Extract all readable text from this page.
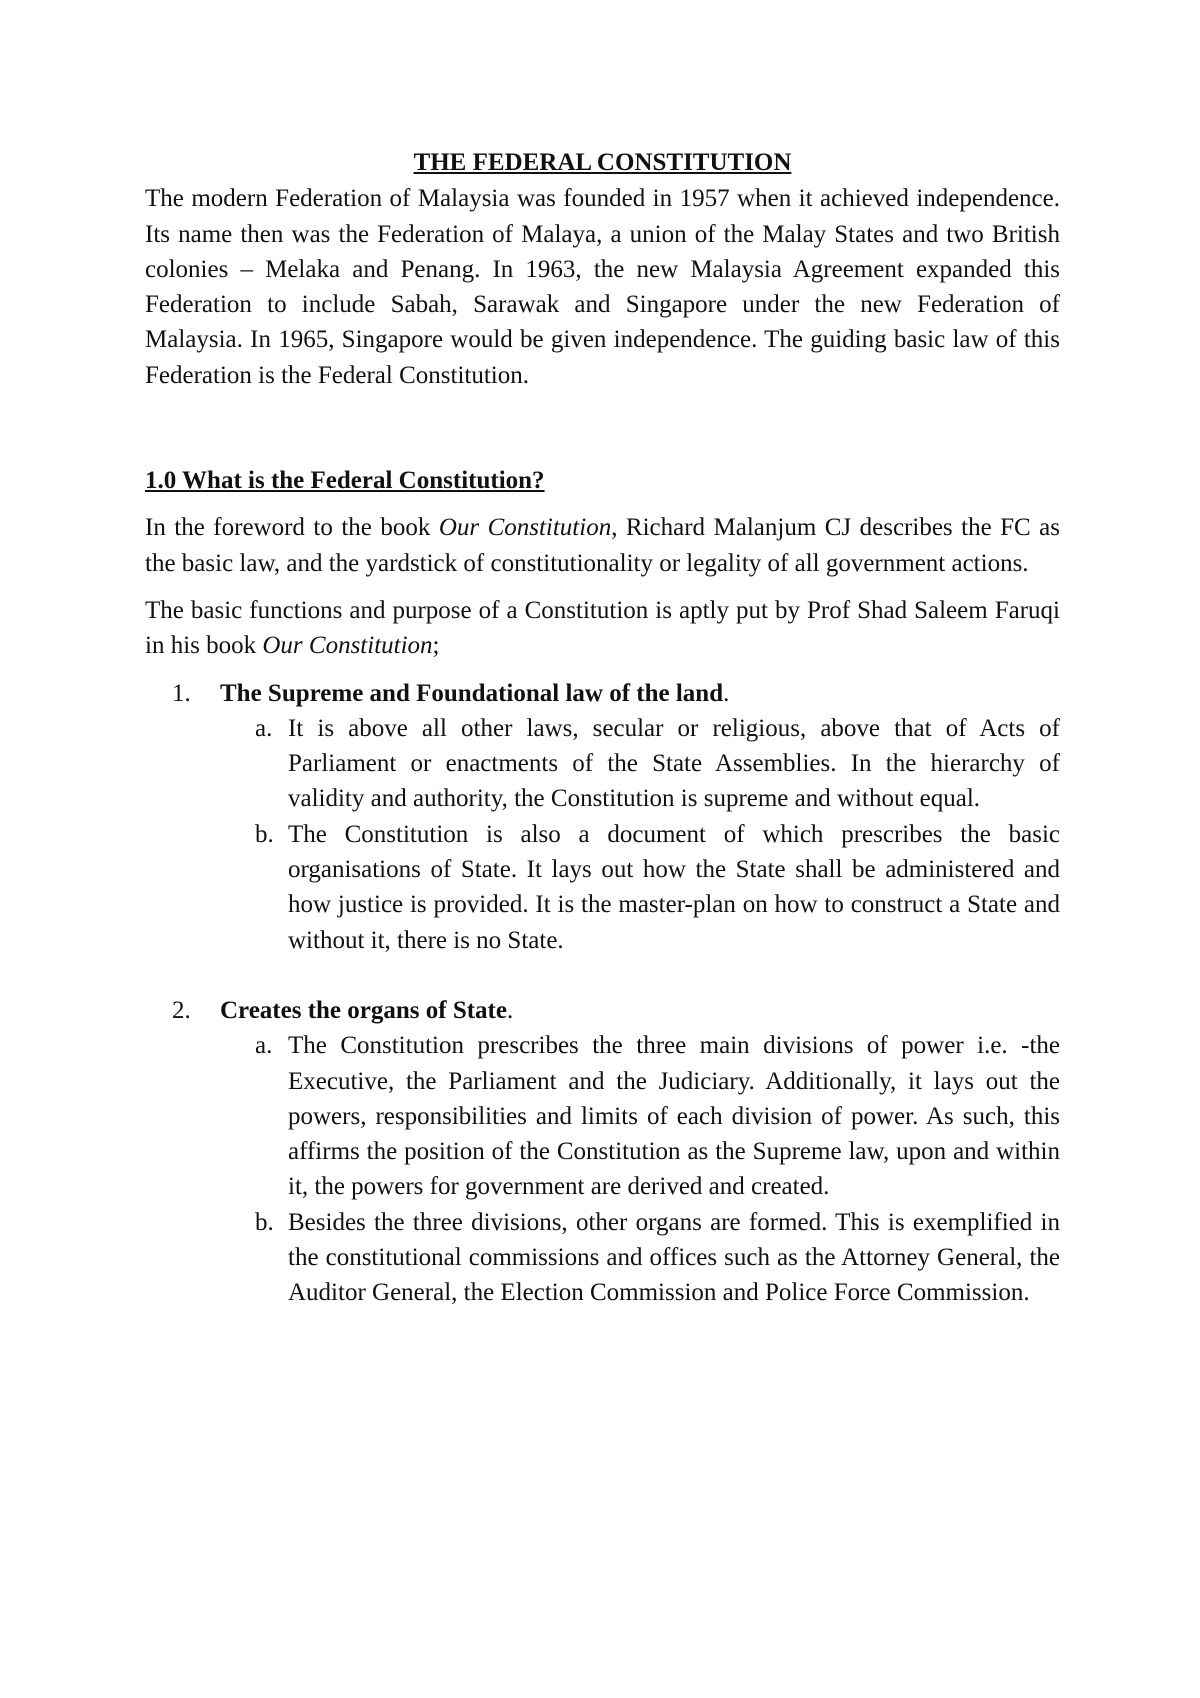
THE FEDERAL CONSTITUTION

The modern Federation of Malaysia was founded in 1957 when it achieved independence. Its name then was the Federation of Malaya, a union of the Malay States and two British colonies – Melaka and Penang. In 1963, the new Malaysia Agreement expanded this Federation to include Sabah, Sarawak and Singapore under the new Federation of Malaysia. In 1965, Singapore would be given independence. The guiding basic law of this Federation is the Federal Constitution.

1.0 What is the Federal Constitution?

In the foreword to the book Our Constitution, Richard Malanjum CJ describes the FC as the basic law, and the yardstick of constitutionality or legality of all government actions.

The basic functions and purpose of a Constitution is aptly put by Prof Shad Saleem Faruqi in his book Our Constitution;

1. The Supreme and Foundational law of the land.
a. It is above all other laws, secular or religious, above that of Acts of Parliament or enactments of the State Assemblies. In the hierarchy of validity and authority, the Constitution is supreme and without equal.
b. The Constitution is also a document of which prescribes the basic organisations of State. It lays out how the State shall be administered and how justice is provided. It is the master-plan on how to construct a State and without it, there is no State.
2. Creates the organs of State.
a. The Constitution prescribes the three main divisions of power i.e. -the Executive, the Parliament and the Judiciary. Additionally, it lays out the powers, responsibilities and limits of each division of power. As such, this affirms the position of the Constitution as the Supreme law, upon and within it, the powers for government are derived and created.
b. Besides the three divisions, other organs are formed. This is exemplified in the constitutional commissions and offices such as the Attorney General, the Auditor General, the Election Commission and Police Force Commission.
